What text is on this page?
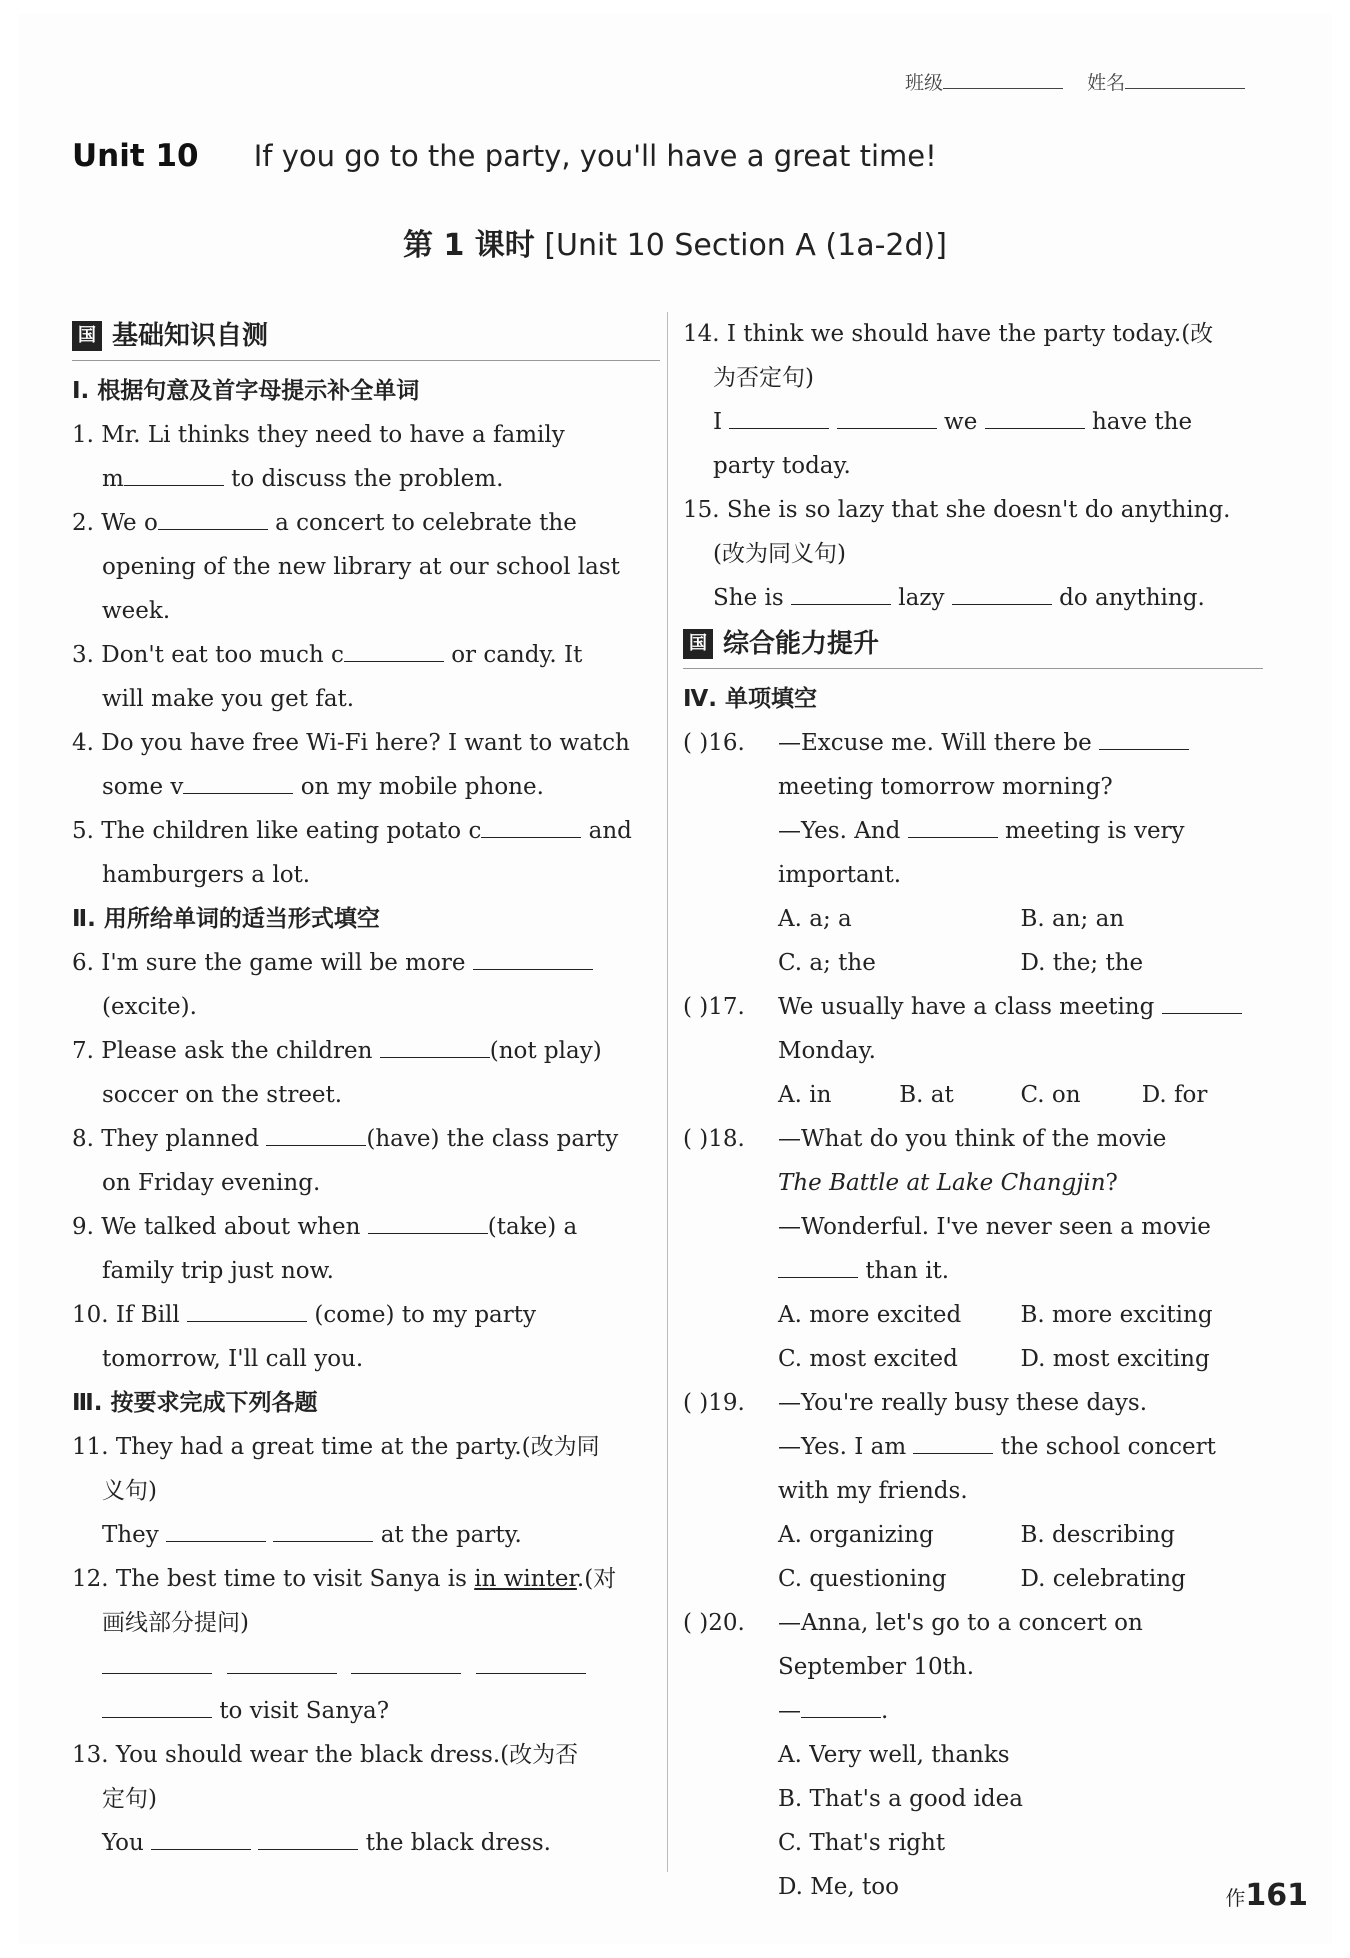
班级	姓名
Unit 10 If you go to the party, you'll have a great time!
第 1 课时 [Unit 10 Section A (1a-2d)]
国 基础知识自测
Ⅰ. 根据句意及首字母提示补全单词
1. Mr. Li thinks they need to have a family
m	to discuss the problem.
2. We o	a concert to celebrate the
opening of the new library at our school last
week.
3. Don't eat too much c	or candy. It
will make you get fat.
4. Do you have free Wi-Fi here? I want to watch
some v	on my mobile phone.
5. The children like eating potato c	and
hamburgers a lot.
Ⅱ. 用所给单词的适当形式填空
6. I'm sure the game will be more
(excite).
7. Please ask the children	(not play)
soccer on the street.
8. They planned	(have) the class party
on Friday evening.
9. We talked about when	(take) a
family trip just now.
10. If Bill	(come) to my party
tomorrow, I'll call you.
Ⅲ. 按要求完成下列各题
11. They had a great time at the party.(改为同
义句)
They	at the party.
12. The best time to visit Sanya is in winter.(对
画线部分提问)

to visit Sanya?
13. You should wear the black dress.(改为否
定句)
You	the black dress.
14. I think we should have the party today.(改
为否定句)
I	we	have the
party today.
15. She is so lazy that she doesn't do anything.
(改为同义句)
She is	lazy	do anything.
国 综合能力提升
Ⅳ. 单项填空
( )16.	—Excuse me. Will there be
meeting tomorrow morning?
—Yes. And	meeting is very
important.
A. a; a	B. an; an
C. a; the	D. the; the
( )17.	We usually have a class meeting
Monday.
A. in	B. at	C. on	D. for
( )18.	—What do you think of the movie
The Battle at Lake Changjin?
—Wonderful. I've never seen a movie
than it.
A. more excited	B. more exciting
C. most excited	D. most exciting
( )19.	—You're really busy these days.
—Yes. I am	the school concert
with my friends.
A. organizing	B. describing
C. questioning	D. celebrating
( )20.	—Anna, let's go to a concert on
September 10th.
—	.
A. Very well, thanks
B. That's a good idea
C. That's right
D. Me, too	作161
